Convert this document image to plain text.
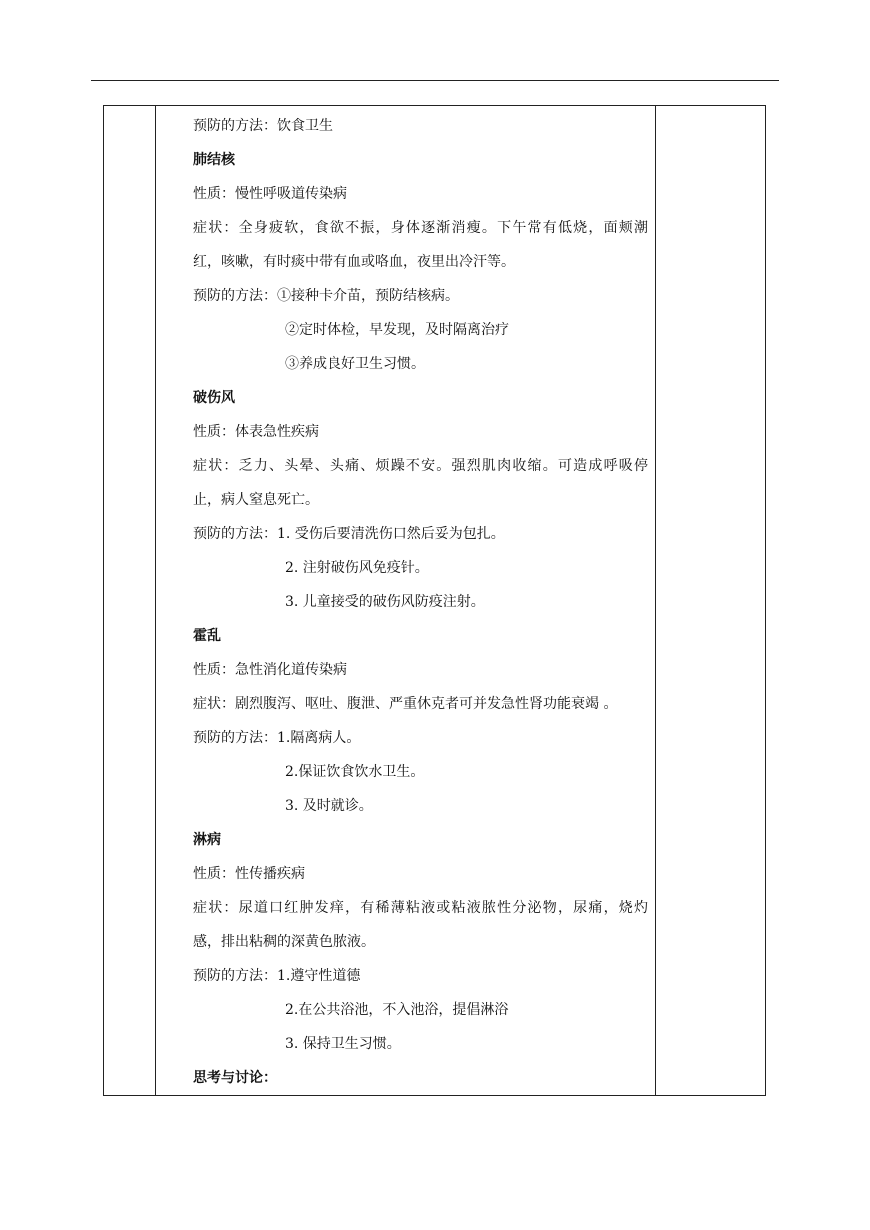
预防的方法：饮食卫生
肺结核
性质：慢性呼吸道传染病
症状：全身疲软，食欲不振，身体逐渐消瘦。下午常有低烧，面颊潮
红，咳嗽，有时痰中带有血或咯血，夜里出冷汗等。
预防的方法：①接种卡介苗，预防结核病。
②定时体检，早发现，及时隔离治疗
③养成良好卫生习惯。
破伤风
性质：体表急性疾病
症状：乏力、头晕、头痛、烦躁不安。强烈肌肉收缩。可造成呼吸停
止，病人窒息死亡。
预防的方法：1. 受伤后要清洗伤口然后妥为包扎。
2. 注射破伤风免疫针。
3. 儿童接受的破伤风防疫注射。
霍乱
性质：急性消化道传染病
症状：剧烈腹泻、呕吐、腹泄、严重休克者可并发急性肾功能衰竭 。
预防的方法：1.隔离病人。
2.保证饮食饮水卫生。
3. 及时就诊。
淋病
性质：性传播疾病
症状：尿道口红肿发痒，有稀薄粘液或粘液脓性分泌物，尿痛，烧灼
感，排出粘稠的深黄色脓液。
预防的方法：1.遵守性道德
2.在公共浴池，不入池浴，提倡淋浴
3. 保持卫生习惯。
思考与讨论：
